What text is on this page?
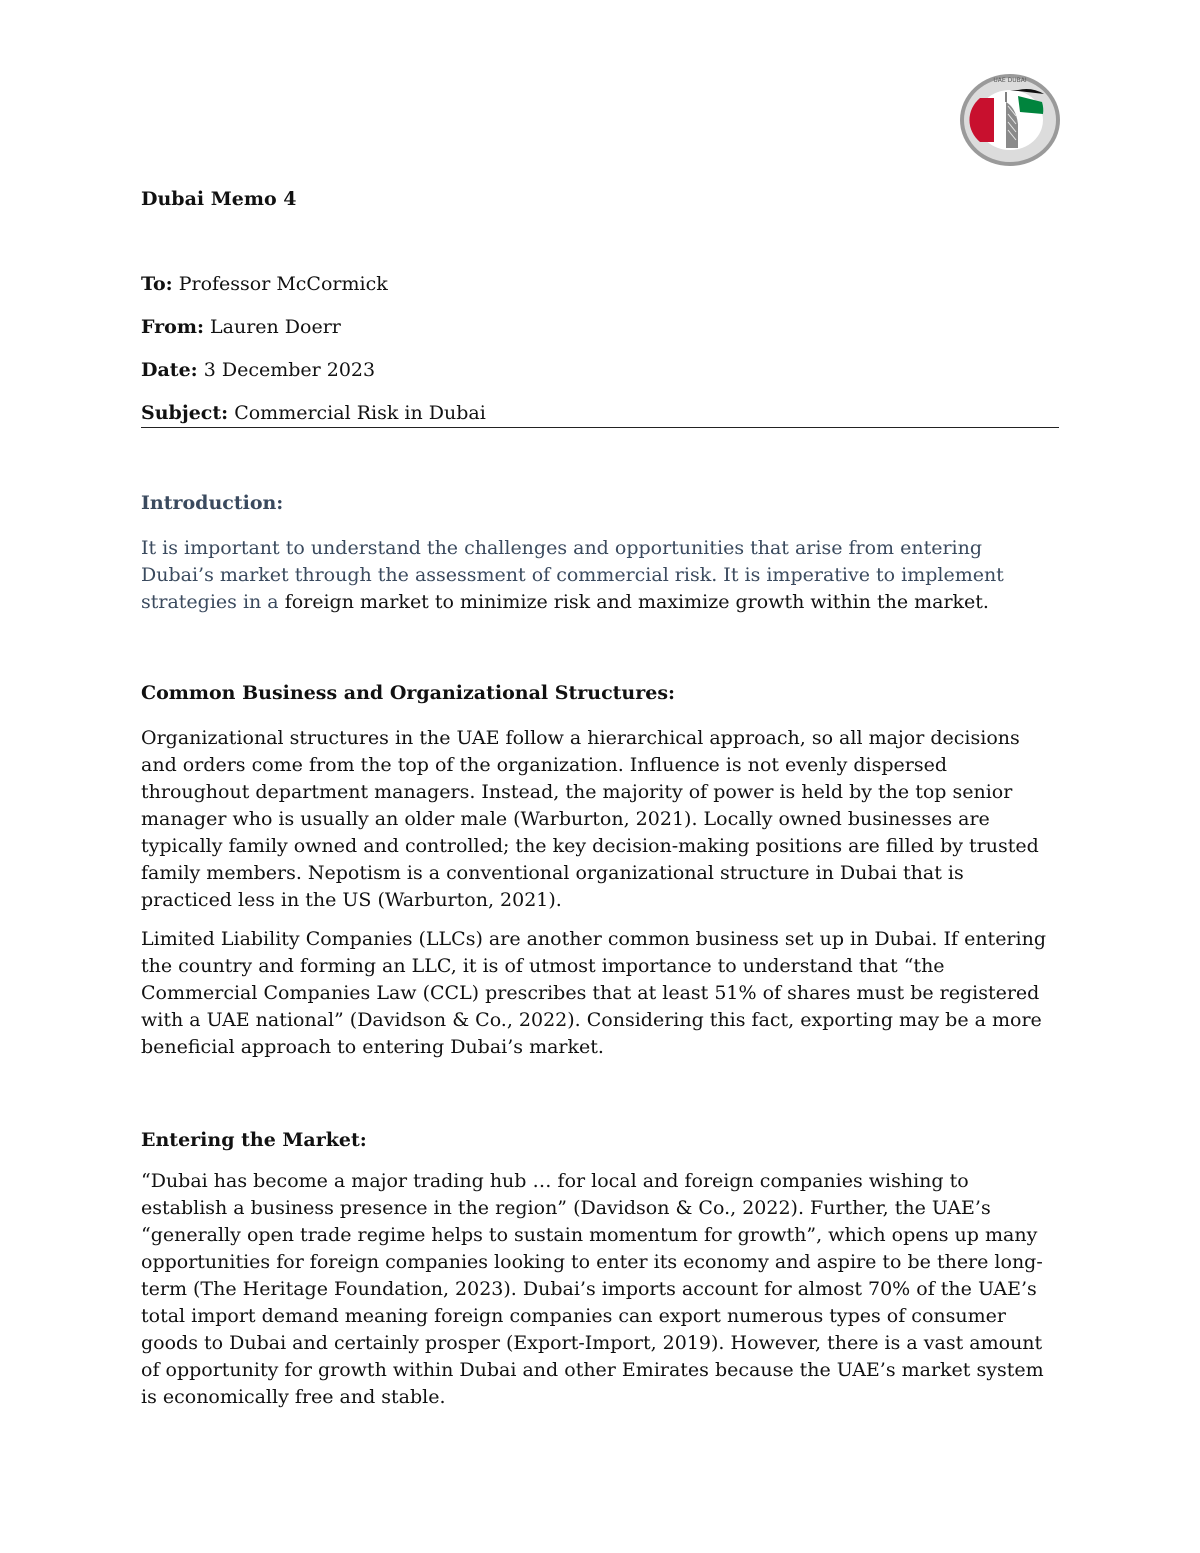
UAE DUBAI

Dubai Memo 4

To: Professor McCormick

From: Lauren Doerr

Date: 3 December 2023

Subject: Commercial Risk in Dubai

Introduction:

It is important to understand the challenges and opportunities that arise from entering Dubai’s market through the assessment of commercial risk. It is imperative to implement strategies in a foreign market to minimize risk and maximize growth within the market.

Common Business and Organizational Structures:

Organizational structures in the UAE follow a hierarchical approach, so all major decisions and orders come from the top of the organization. Influence is not evenly dispersed throughout department managers. Instead, the majority of power is held by the top senior manager who is usually an older male (Warburton, 2021). Locally owned businesses are typically family owned and controlled; the key decision-making positions are filled by trusted family members. Nepotism is a conventional organizational structure in Dubai that is practiced less in the US (Warburton, 2021).

Limited Liability Companies (LLCs) are another common business set up in Dubai. If entering the country and forming an LLC, it is of utmost importance to understand that “the Commercial Companies Law (CCL) prescribes that at least 51% of shares must be registered with a UAE national” (Davidson & Co., 2022). Considering this fact, exporting may be a more beneficial approach to entering Dubai’s market.

Entering the Market:

“Dubai has become a major trading hub … for local and foreign companies wishing to establish a business presence in the region” (Davidson & Co., 2022). Further, the UAE’s “generally open trade regime helps to sustain momentum for growth”, which opens up many opportunities for foreign companies looking to enter its economy and aspire to be there long-term (The Heritage Foundation, 2023). Dubai’s imports account for almost 70% of the UAE’s total import demand meaning foreign companies can export numerous types of consumer goods to Dubai and certainly prosper (Export-Import, 2019). However, there is a vast amount of opportunity for growth within Dubai and other Emirates because the UAE’s market system is economically free and stable.
